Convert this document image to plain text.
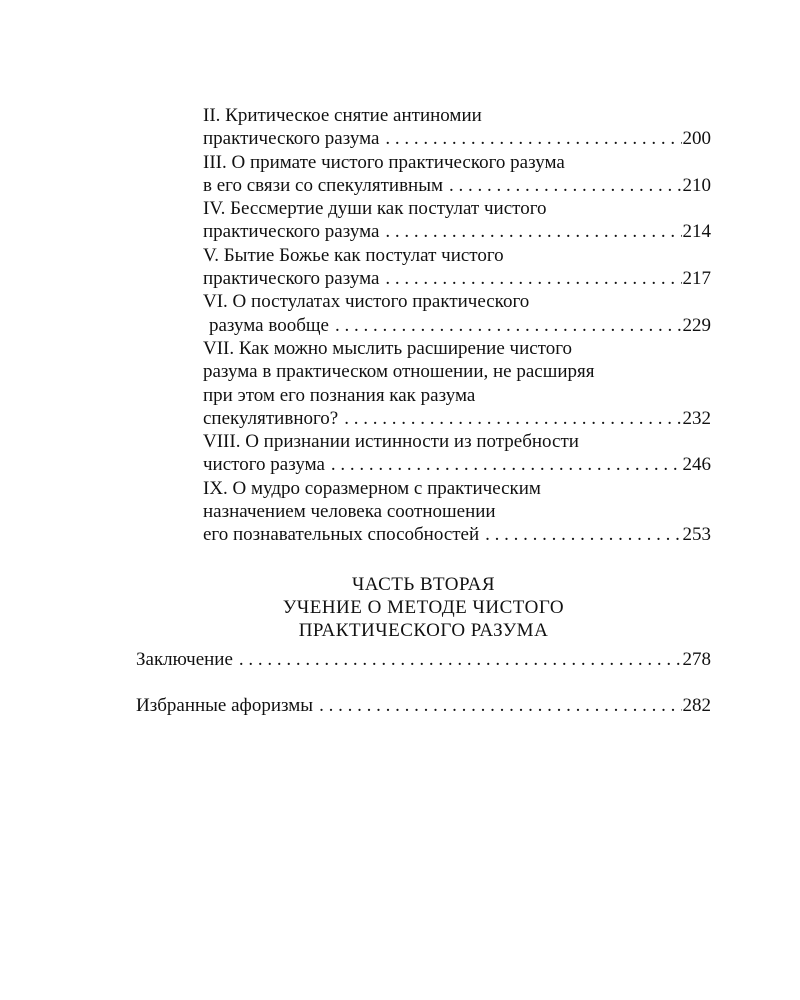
II. Критическое снятие антиномии
практического разума . . .	200
III. О примате чистого практического разума
в его связи со спекулятивным . . .	210
IV. Бессмертие души как постулат чистого
практического разума . . .	214
V. Бытие Божье как постулат чистого
практического разума . . .	217
VI. О постулатах чистого практического
разума вообще . . .	229
VII. Как можно мыслить расширение чистого
разума в практическом отношении, не расширяя
при этом его познания как разума
спекулятивного? . . .	232
VIII. О признании истинности из потребности
чистого разума . . .	246
IX. О мудро соразмерном с практическим
назначением человека соотношении
его познавательных способностей . . .	253
ЧАСТЬ ВТОРАЯ
УЧЕНИЕ О МЕТОДЕ ЧИСТОГО
ПРАКТИЧЕСКОГО РАЗУМА
Заключение . . .	278
Избранные афоризмы . . .	282
